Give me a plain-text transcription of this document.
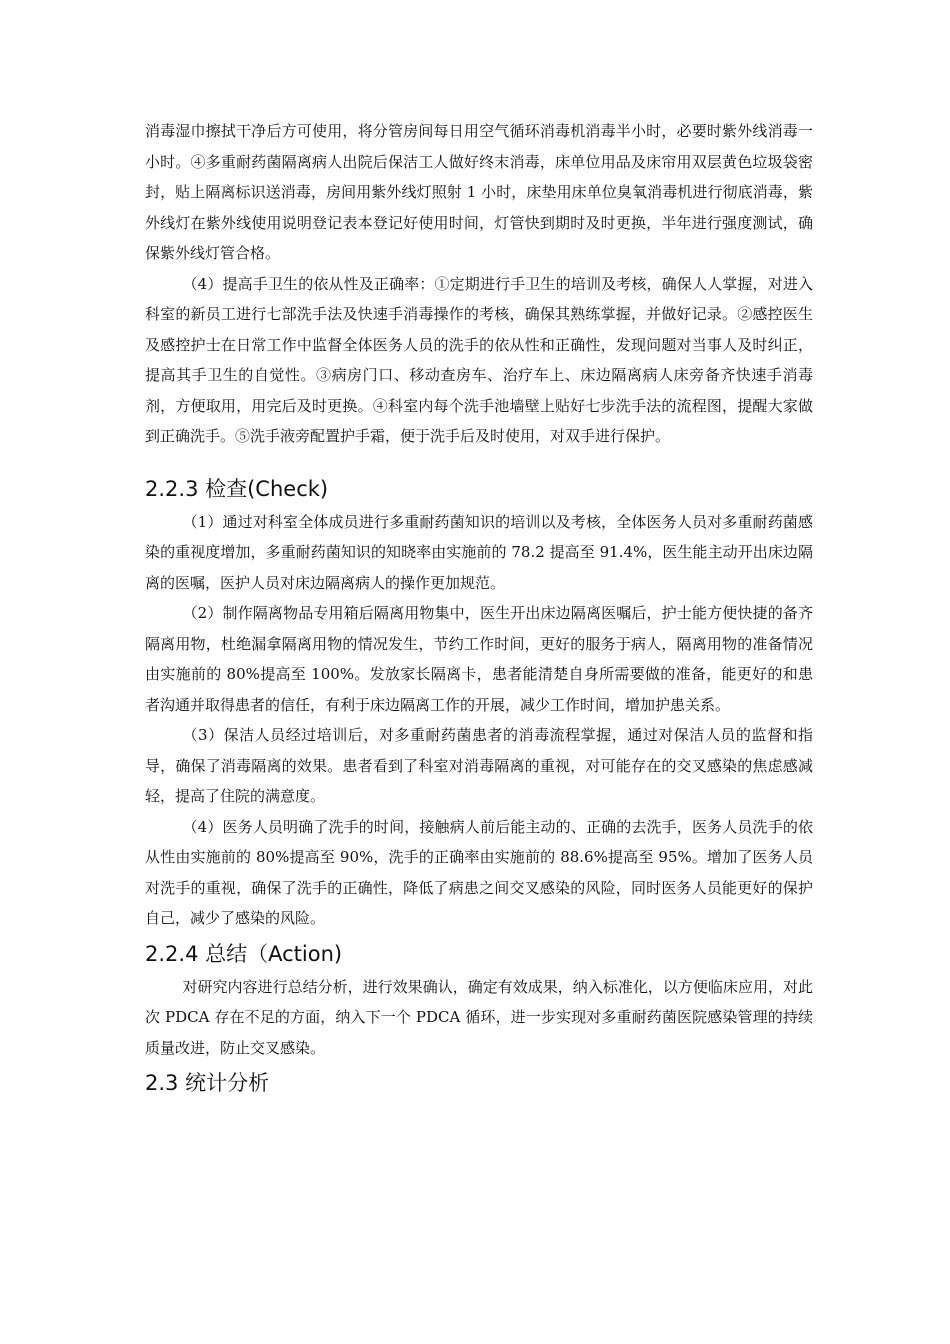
消毒湿巾擦拭干净后方可使用，将分管房间每日用空气循环消毒机消毒半小时，必要时紫外线消毒一小时。④多重耐药菌隔离病人出院后保洁工人做好终末消毒，床单位用品及床帘用双层黄色垃圾袋密封，贴上隔离标识送消毒，房间用紫外线灯照射 1 小时，床垫用床单位臭氧消毒机进行彻底消毒，紫外线灯在紫外线使用说明登记表本登记好使用时间，灯管快到期时及时更换，半年进行强度测试，确保紫外线灯管合格。

（4）提高手卫生的依从性及正确率：①定期进行手卫生的培训及考核，确保人人掌握，对进入科室的新员工进行七部洗手法及快速手消毒操作的考核，确保其熟练掌握，并做好记录。②感控医生及感控护士在日常工作中监督全体医务人员的洗手的依从性和正确性，发现问题对当事人及时纠正，提高其手卫生的自觉性。③病房门口、移动查房车、治疗车上、床边隔离病人床旁备齐快速手消毒剂，方便取用，用完后及时更换。④科室内每个洗手池墙壁上贴好七步洗手法的流程图，提醒大家做到正确洗手。⑤洗手液旁配置护手霜，便于洗手后及时使用，对双手进行保护。

2.2.3 检查(Check)

（1）通过对科室全体成员进行多重耐药菌知识的培训以及考核，全体医务人员对多重耐药菌感染的重视度增加，多重耐药菌知识的知晓率由实施前的 78.2 提高至 91.4%，医生能主动开出床边隔离的医嘱，医护人员对床边隔离病人的操作更加规范。

（2）制作隔离物品专用箱后隔离用物集中，医生开出床边隔离医嘱后，护士能方便快捷的备齐隔离用物，杜绝漏拿隔离用物的情况发生，节约工作时间，更好的服务于病人，隔离用物的准备情况由实施前的 80%提高至 100%。发放家长隔离卡，患者能清楚自身所需要做的准备，能更好的和患者沟通并取得患者的信任，有利于床边隔离工作的开展，减少工作时间，增加护患关系。

（3）保洁人员经过培训后，对多重耐药菌患者的消毒流程掌握，通过对保洁人员的监督和指导，确保了消毒隔离的效果。患者看到了科室对消毒隔离的重视，对可能存在的交叉感染的焦虑感减轻，提高了住院的满意度。

（4）医务人员明确了洗手的时间，接触病人前后能主动的、正确的去洗手，医务人员洗手的依从性由实施前的 80%提高至 90%，洗手的正确率由实施前的 88.6%提高至 95%。增加了医务人员对洗手的重视，确保了洗手的正确性，降低了病患之间交叉感染的风险，同时医务人员能更好的保护自己，减少了感染的风险。

2.2.4 总结（Action)

对研究内容进行总结分析，进行效果确认，确定有效成果，纳入标准化，以方便临床应用，对此次 PDCA 存在不足的方面，纳入下一个 PDCA 循环，进一步实现对多重耐药菌医院感染管理的持续质量改进，防止交叉感染。

2.3 统计分析
